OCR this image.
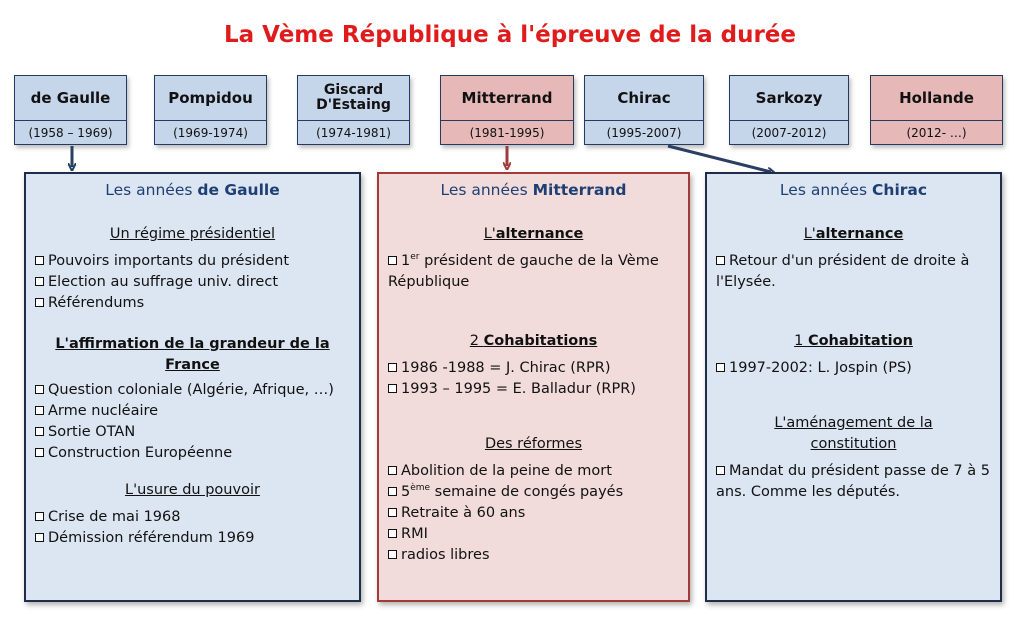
La Vème République à l'épreuve de la durée
de Gaulle
(1958 – 1969)
Pompidou
(1969-1974)
Giscard
D'Estaing
(1974-1981)
Mitterrand
(1981-1995)
Chirac
(1995-2007)
Sarkozy
(2007-2012)
Hollande
(2012- …)
Les années de Gaulle
Un régime présidentiel
Pouvoirs importants du président
Election au suffrage univ. direct
Référendums
L'affirmation de la grandeur de la France
Question coloniale (Algérie, Afrique, …)
Arme nucléaire
Sortie OTAN
Construction Européenne
L'usure du pouvoir
Crise de mai 1968
Démission référendum 1969
Les années Mitterrand
L'alternance
1er président de gauche de la Vème République
2 Cohabitations
1986 -1988 = J. Chirac (RPR)
1993 – 1995 = E. Balladur (RPR)
Des réformes
Abolition de la peine de mort
5ème semaine de congés payés
Retraite à 60 ans
RMI
radios libres
Les années Chirac
L'alternance
Retour d'un président de droite à l'Elysée.
1 Cohabitation
1997-2002: L. Jospin (PS)
L'aménagement de la constitution
Mandat du président passe de 7 à 5 ans. Comme les députés.
